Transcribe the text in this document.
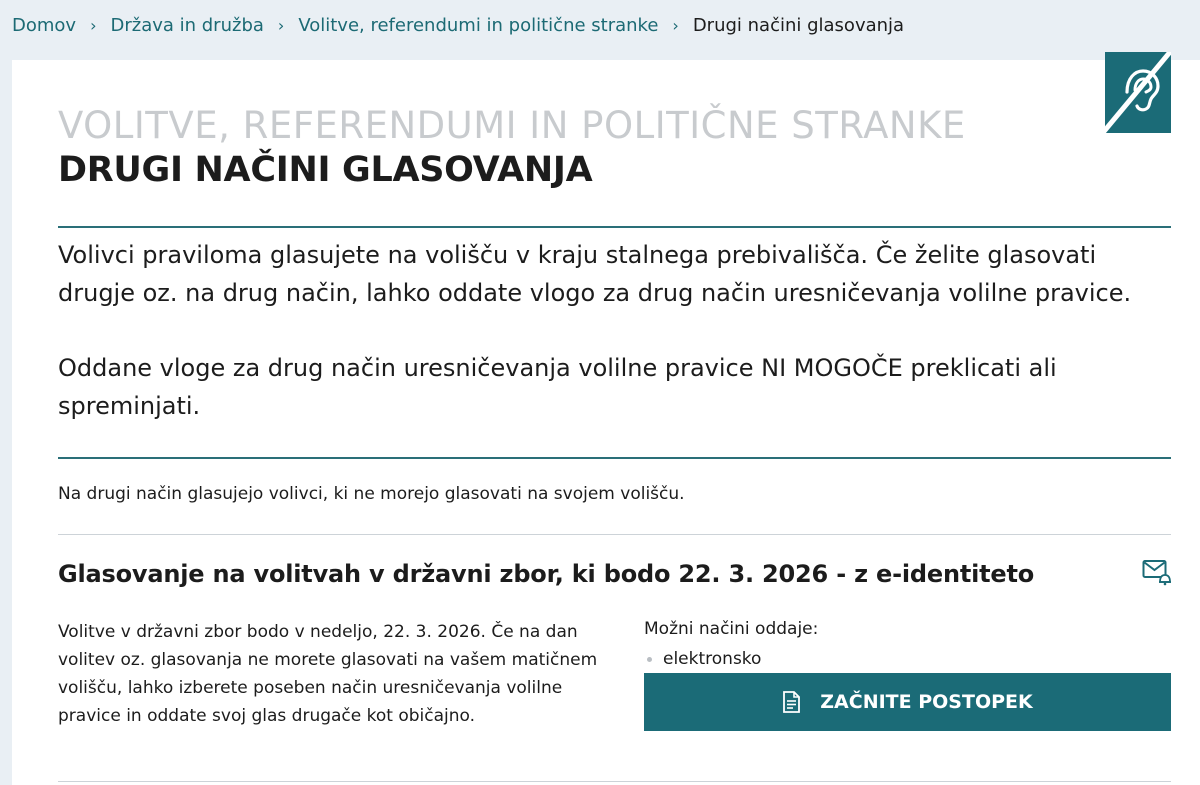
Domov › Država in družba › Volitve, referendumi in politične stranke › Drugi načini glasovanja
VOLITVE, REFERENDUMI IN POLITIČNE STRANKE
DRUGI NAČINI GLASOVANJA

Volivci praviloma glasujete na volišču v kraju stalnega prebivališča. Če želite glasovati drugje oz. na drug način, lahko oddate vlogo za drug način uresničevanja volilne pravice.

Oddane vloge za drug način uresničevanja volilne pravice NI MOGOČE preklicati ali spreminjati.

Na drugi način glasujejo volivci, ki ne morejo glasovati na svojem volišču.
Glasovanje na volitvah v državni zbor, ki bodo 22. 3. 2026 - z e-identiteto

Volitve v državni zbor bodo v nedeljo, 22. 3. 2026. Če na dan volitev oz. glasovanja ne morete glasovati na vašem matičnem volišču, lahko izberete poseben način uresničevanja volilne pravice in oddate svoj glas drugače kot običajno.

Možni načini oddaje:
elektronsko
ZAČNITE POSTOPEK
